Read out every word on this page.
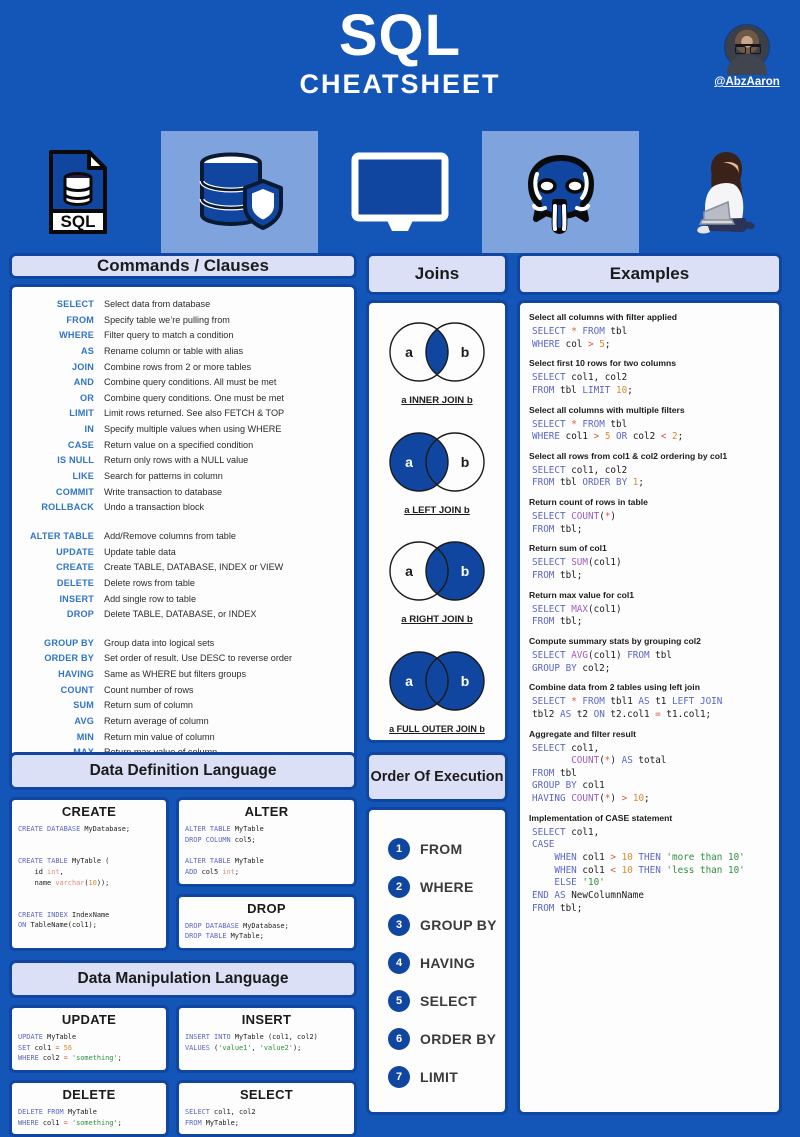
SQL
CHEATSHEET	@AbzAaron
SQL
Commands / Clauses
SELECT	Select data from database
FROM	Specify table we’re pulling from
WHERE	Filter query to match a condition
AS	Rename column or table with alias
JOIN	Combine rows from 2 or more tables
AND	Combine query conditions. All must be met
OR	Combine query conditions. One must be met
LIMIT	Limit rows returned. See also FETCH & TOP
IN	Specify multiple values when using WHERE
CASE	Return value on a specified condition
IS NULL	Return only rows with a NULL value
LIKE	Search for patterns in column
COMMIT	Write transaction to database
ROLLBACK	Undo a transaction block

ALTER TABLE	Add/Remove columns from table
UPDATE	Update table data
CREATE	Create TABLE, DATABASE, INDEX or VIEW
DELETE	Delete rows from table
INSERT	Add single row to table
DROP	Delete TABLE, DATABASE, or INDEX

GROUP BY	Group data into logical sets
ORDER BY	Set order of result. Use DESC to reverse order
HAVING	Same as WHERE but filters groups
COUNT	Count number of rows
SUM	Return sum of column
AVG	Return average of column
MIN	Return min value of column

Data Definition Language
CREATE
CREATE DATABASE MyDatabase;

CREATE TABLE MyTable (
id int,
name varchar(10));

CREATE INDEX IndexName
ON TableName(col1);
ALTER
ALTER TABLE MyTable
DROP COLUMN col5;

ALTER TABLE MyTable
ADD col5 int;
DROP
DROP DATABASE MyDatabase;
DROP TABLE MyTable;
Data Manipulation Language
UPDATE
UPDATE MyTable
SET col1 = 56
WHERE col2 = 'something';
INSERT
INSERT INTO MyTable (col1, col2)
VALUES ('value1', 'value2');
DELETE
DELETE FROM MyTable
WHERE col1 = 'something';
SELECT
SELECT col1, col2
FROM MyTable;
Joins
a	b
a INNER JOIN b
a	b
a LEFT JOIN b
a	b
a RIGHT JOIN b
a	b
a FULL OUTER JOIN b
Order Of Execution
1	FROM
2	WHERE
3	GROUP BY
4	HAVING
5	SELECT
6	ORDER BY
7	LIMIT
Examples
Select all columns with filter applied
SELECT * FROM tbl
WHERE col > 5;
Select first 10 rows for two columns
SELECT col1, col2
FROM tbl LIMIT 10;
Select all columns with multiple filters
SELECT * FROM tbl
WHERE col1 > 5 OR col2 < 2;
Select all rows from col1 & col2 ordering by col1
SELECT col1, col2
FROM tbl ORDER BY 1;
Return count of rows in table
SELECT COUNT(*)
FROM tbl;
Return sum of col1
SELECT SUM(col1)
FROM tbl;
Return max value for col1
SELECT MAX(col1)
FROM tbl;
Compute summary stats by grouping col2
SELECT AVG(col1) FROM tbl
GROUP BY col2;
Combine data from 2 tables using left join
SELECT * FROM tbl1 AS t1 LEFT JOIN
tbl2 AS t2 ON t2.col1 = t1.col1;
Aggregate and filter result
SELECT col1,
COUNT(*) AS total
FROM tbl
GROUP BY col1
HAVING COUNT(*) > 10;
Implementation of CASE statement
SELECT col1,
CASE
WHEN col1 > 10 THEN 'more than 10'
WHEN col1 < 10 THEN 'less than 10'
ELSE '10'
END AS NewColumnName
FROM tbl;
